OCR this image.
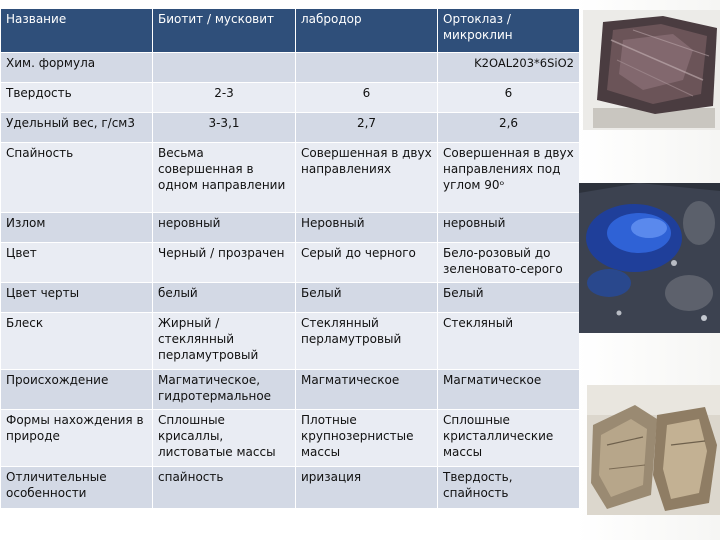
Название	Биотит / мусковит	лабродор	Ортоклаз / микроклин
Хим. формула			K2OAL203*6SiO2
Твердость	2-3	6	6
Удельный вес, г/см3	3-3,1	2,7	2,6
Спайность	Весьма совершенная в одном направлении	Совершенная в двух направлениях	Совершенная в двух направлениях под углом 90ᵒ
Излом	неровный	Неровный	неровный
Цвет	Черный / прозрачен	Серый до черного	Бело-розовый до зеленовато-серого
Цвет черты	белый	Белый	Белый
Блеск	Жирный /стеклянный перламутровый	Стеклянный перламутровый	Стекляный
Происхождение	Магматическое, гидротермальное	Магматическое	Магматическое
Формы нахождения в природе	Сплошные крисаллы, листоватые массы	Плотные крупнозернистые массы	Сплошные кристаллические массы
Отличительные особенности	спайность	иризация	Твердость, спайность
